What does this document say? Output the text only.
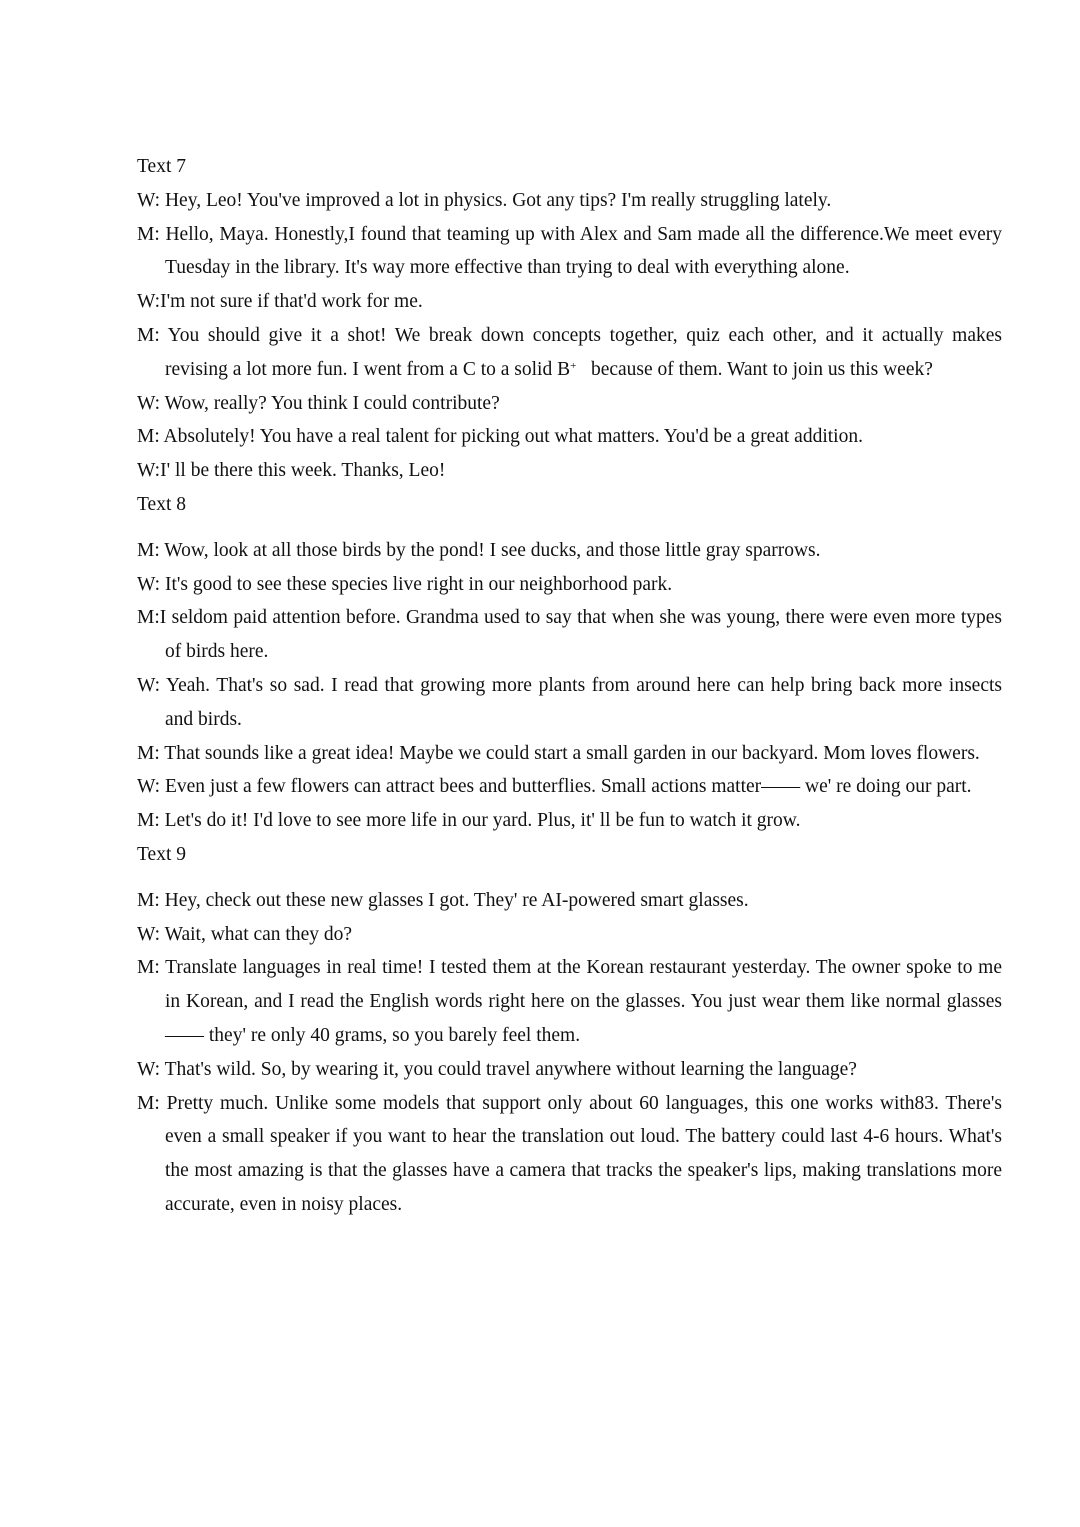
Text 7

W: Hey, Leo! You've improved a lot in physics. Got any tips? I'm really struggling lately.

M: Hello, Maya. Honestly,I found that teaming up with Alex and Sam made all the difference.We meet every Tuesday in the library. It's way more effective than trying to deal with everything alone.

W:I'm not sure if that'd work for me.

M: You should give it a shot! We break down concepts together, quiz each other, and it actually makes revising a lot more fun. I went from a C to a solid B+   because of them. Want to join us this week?

W: Wow, really? You think I could contribute?

M: Absolutely! You have a real talent for picking out what matters. You'd be a great addition.

W:I' ll be there this week. Thanks, Leo!

Text 8

M: Wow, look at all those birds by the pond! I see ducks, and those little gray sparrows.

W: It's good to see these species live right in our neighborhood park.

M:I seldom paid attention before. Grandma used to say that when she was young, there were even more types of birds here.

W: Yeah. That's so sad. I read that growing more plants from around here can help bring back more insects and birds.

M: That sounds like a great idea! Maybe we could start a small garden in our backyard. Mom loves flowers.

W: Even just a few flowers can attract bees and butterflies. Small actions matter—— we' re doing our part.

M: Let's do it! I'd love to see more life in our yard. Plus, it' ll be fun to watch it grow.

Text 9

M: Hey, check out these new glasses I got. They' re AI-powered smart glasses.

W: Wait, what can they do?

M: Translate languages in real time! I tested them at the Korean restaurant yesterday. The owner spoke to me in Korean, and I read the English words right here on the glasses. You just wear them like normal glasses—— they' re only 40 grams, so you barely feel them.

W: That's wild. So, by wearing it, you could travel anywhere without learning the language?

M: Pretty much. Unlike some models that support only about 60 languages, this one works with83. There's even a small speaker if you want to hear the translation out loud. The battery could last 4-6 hours. What's the most amazing is that the glasses have a camera that tracks the speaker's lips, making translations more accurate, even in noisy places.
